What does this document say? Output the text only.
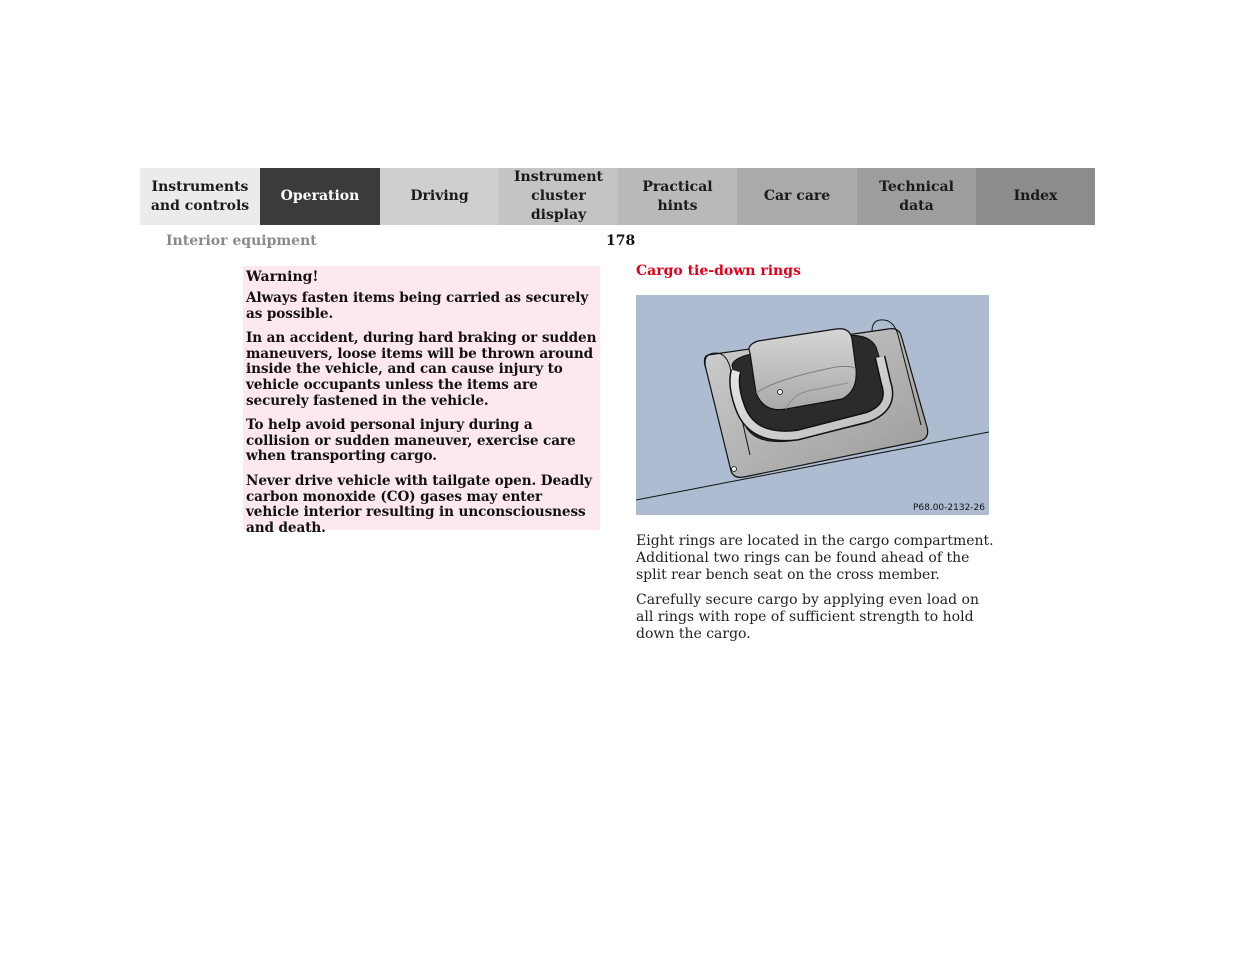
Instruments
and controls
Operation	Driving
Instrument
cluster display
Practical hints
Car care
Technical
data
Index
Interior equipment	178
Warning!

Always fasten items being carried as securely as possible.

In an accident, during hard braking or sudden maneuvers, loose items will be thrown around inside the vehicle, and can cause injury to vehicle occupants unless the items are securely fastened in the vehicle.

To help avoid personal injury during a collision or sudden maneuver, exercise care when transporting cargo.

Never drive vehicle with tailgate open. Deadly carbon monoxide (CO) gases may enter vehicle interior resulting in unconsciousness and death.

Cargo tie-down rings
P68.00-2132-26

Eight rings are located in the cargo compartment. Additional two rings can be found ahead of the split rear bench seat on the cross member.

Carefully secure cargo by applying even load on all rings with rope of sufficient strength to hold down the cargo.
